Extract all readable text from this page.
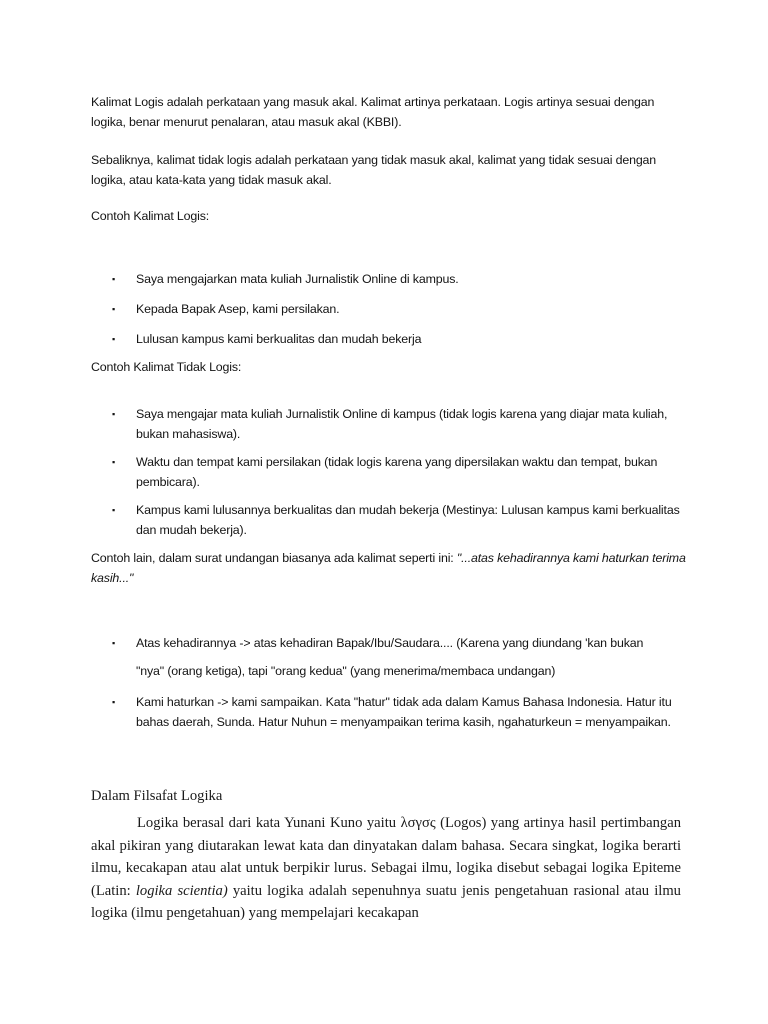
Kalimat Logis adalah perkataan yang masuk akal. Kalimat artinya perkataan. Logis artinya sesuai dengan logika, benar menurut penalaran, atau masuk akal (KBBI).

Sebaliknya, kalimat tidak logis adalah perkataan yang tidak masuk akal, kalimat yang tidak sesuai dengan logika, atau kata-kata yang tidak masuk akal.

Contoh Kalimat Logis:

▪ Saya mengajarkan mata kuliah Jurnalistik Online di kampus.
▪ Kepada Bapak Asep, kami persilakan.
▪ Lulusan kampus kami berkualitas dan mudah bekerja

Contoh Kalimat Tidak Logis:

▪ Saya mengajar mata kuliah Jurnalistik Online di kampus (tidak logis karena yang diajar mata kuliah, bukan mahasiswa).
▪ Waktu dan tempat kami persilakan (tidak logis karena yang dipersilakan waktu dan tempat, bukan pembicara).
▪ Kampus kami lulusannya berkualitas dan mudah bekerja (Mestinya: Lulusan kampus kami berkualitas dan mudah bekerja).

Contoh lain, dalam surat undangan biasanya ada kalimat seperti ini: "...atas kehadirannya kami haturkan terima kasih..."

▪ Atas kehadirannya -> atas kehadiran Bapak/Ibu/Saudara.... (Karena yang diundang 'kan bukan
"nya" (orang ketiga), tapi "orang kedua" (yang menerima/membaca undangan)
▪ Kami haturkan -> kami sampaikan. Kata "hatur" tidak ada dalam Kamus Bahasa Indonesia. Hatur itu bahas daerah, Sunda. Hatur Nuhun = menyampaikan terima kasih, ngahaturkeun = menyampaikan.

Dalam Filsafat Logika

Logika berasal dari kata Yunani Kuno yaitu λσγσς (Logos) yang artinya hasil pertimbangan akal pikiran yang diutarakan lewat kata dan dinyatakan dalam bahasa. Secara singkat, logika berarti ilmu, kecakapan atau alat untuk berpikir lurus. Sebagai ilmu, logika disebut sebagai logika Epiteme (Latin: logika scientia) yaitu logika adalah sepenuhnya suatu jenis pengetahuan rasional atau ilmu logika (ilmu pengetahuan) yang mempelajari kecakapan
